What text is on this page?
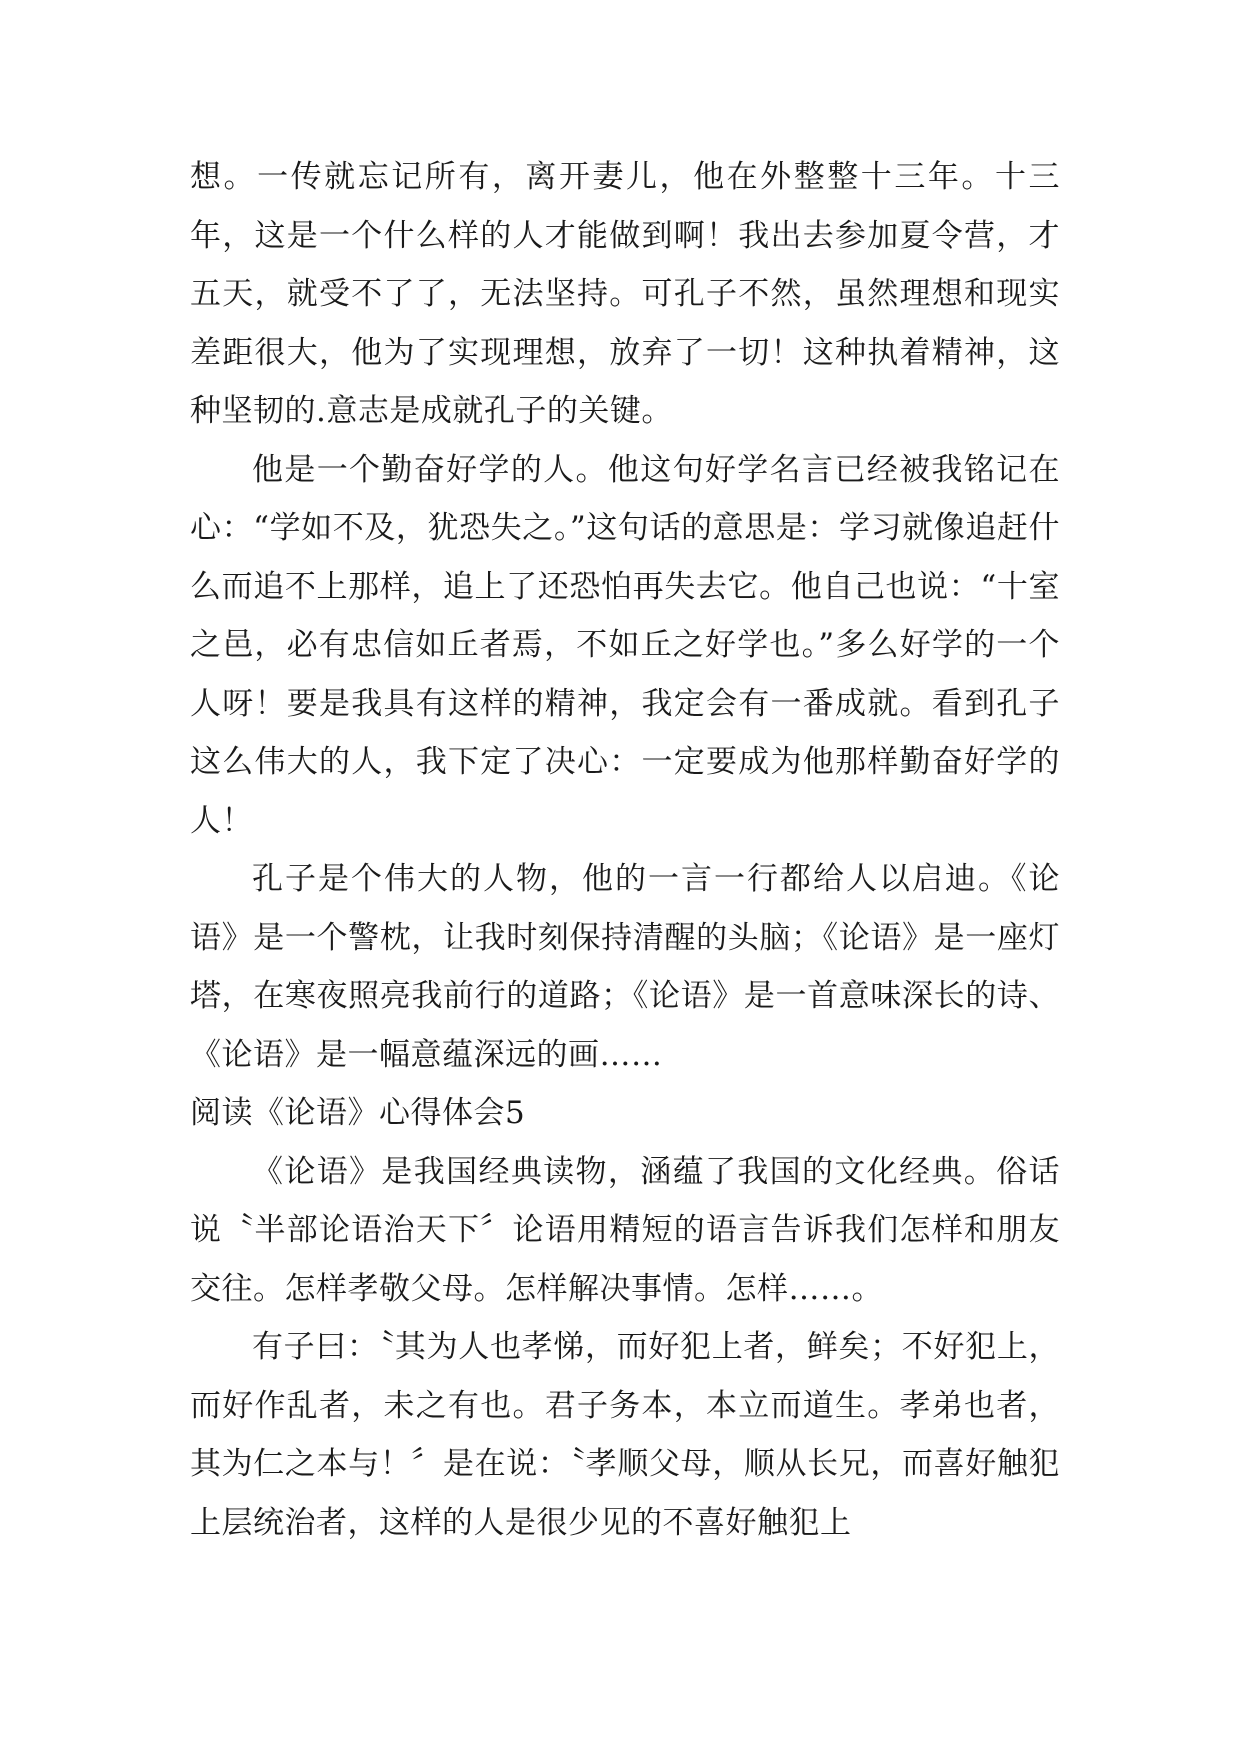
想。一传就忘记所有，离开妻儿，他在外整整十三年。十三年，这是一个什么样的人才能做到啊！我出去参加夏令营，才五天，就受不了了，无法坚持。可孔子不然，虽然理想和现实差距很大，他为了实现理想，放弃了一切！这种执着精神，这种坚韧的.意志是成就孔子的关键。

他是一个勤奋好学的人。他这句好学名言已经被我铭记在心：“学如不及，犹恐失之。”这句话的意思是：学习就像追赶什么而追不上那样，追上了还恐怕再失去它。他自己也说：“十室之邑，必有忠信如丘者焉，不如丘之好学也。”多么好学的一个人呀！要是我具有这样的精神，我定会有一番成就。看到孔子这么伟大的人，我下定了决心：一定要成为他那样勤奋好学的人！

孔子是个伟大的人物，他的一言一行都给人以启迪。《论语》是一个警枕，让我时刻保持清醒的头脑；《论语》是一座灯塔，在寒夜照亮我前行的道路；《论语》是一首意味深长的诗、《论语》是一幅意蕴深远的画……

阅读《论语》心得体会5

《论语》是我国经典读物，涵蕴了我国的文化经典。俗话说〝半部论语治天下〞论语用精短的语言告诉我们怎样和朋友交往。怎样孝敬父母。怎样解决事情。怎样……。

有子曰：〝其为人也孝悌，而好犯上者，鲜矣；不好犯上，而好作乱者，未之有也。君子务本，本立而道生。孝弟也者，其为仁之本与！〞是在说：〝孝顺父母，顺从长兄，而喜好触犯上层统治者，这样的人是很少见的不喜好触犯上
